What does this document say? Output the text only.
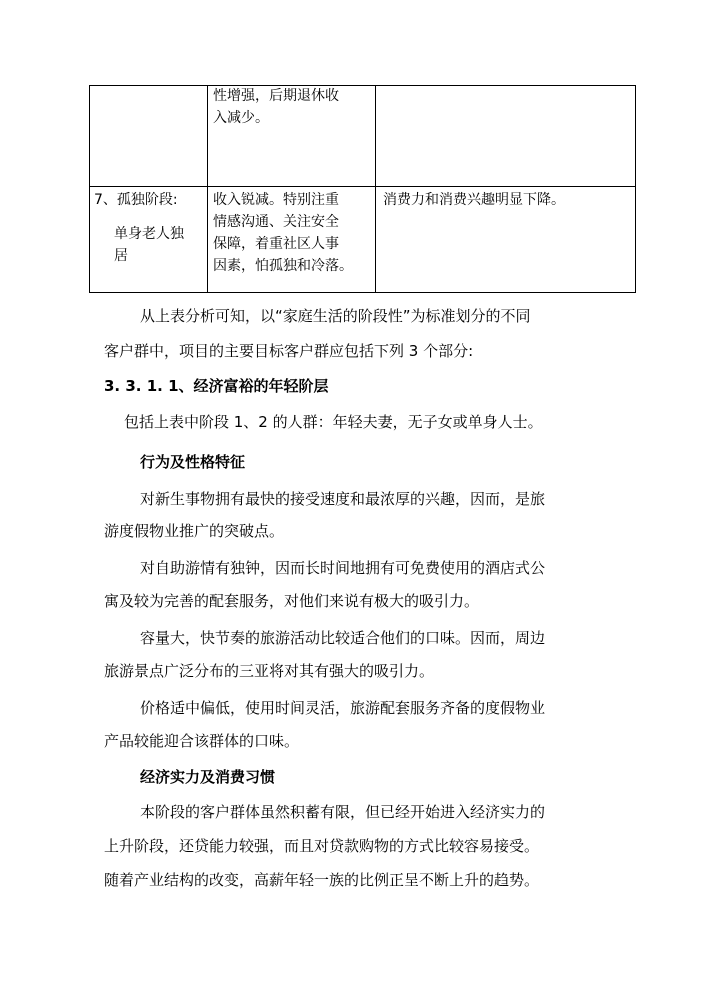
性增强，后期退休收
入减少。
7、孤独阶段:
单身老人独
居
收入锐减。特别注重
情感沟通、关注安全
保障，着重社区人事
因素，怕孤独和冷落。
消费力和消费兴趣明显下降。
从上表分析可知，以“家庭生活的阶段性”为标准划分的不同
客户群中，项目的主要目标客户群应包括下列 3 个部分:
3. 3. 1. 1、经济富裕的年轻阶层
包括上表中阶段 1、2 的人群：年轻夫妻，无子女或单身人士。
行为及性格特征
对新生事物拥有最快的接受速度和最浓厚的兴趣，因而，是旅
游度假物业推广的突破点。
对自助游情有独钟，因而长时间地拥有可免费使用的酒店式公
寓及较为完善的配套服务，对他们来说有极大的吸引力。
容量大，快节奏的旅游活动比较适合他们的口味。因而，周边
旅游景点广泛分布的三亚将对其有强大的吸引力。
价格适中偏低，使用时间灵活，旅游配套服务齐备的度假物业
产品较能迎合该群体的口味。
经济实力及消费习惯
本阶段的客户群体虽然积蓄有限，但已经开始进入经济实力的
上升阶段，还贷能力较强，而且对贷款购物的方式比较容易接受。
随着产业结构的改变，高薪年轻一族的比例正呈不断上升的趋势。
